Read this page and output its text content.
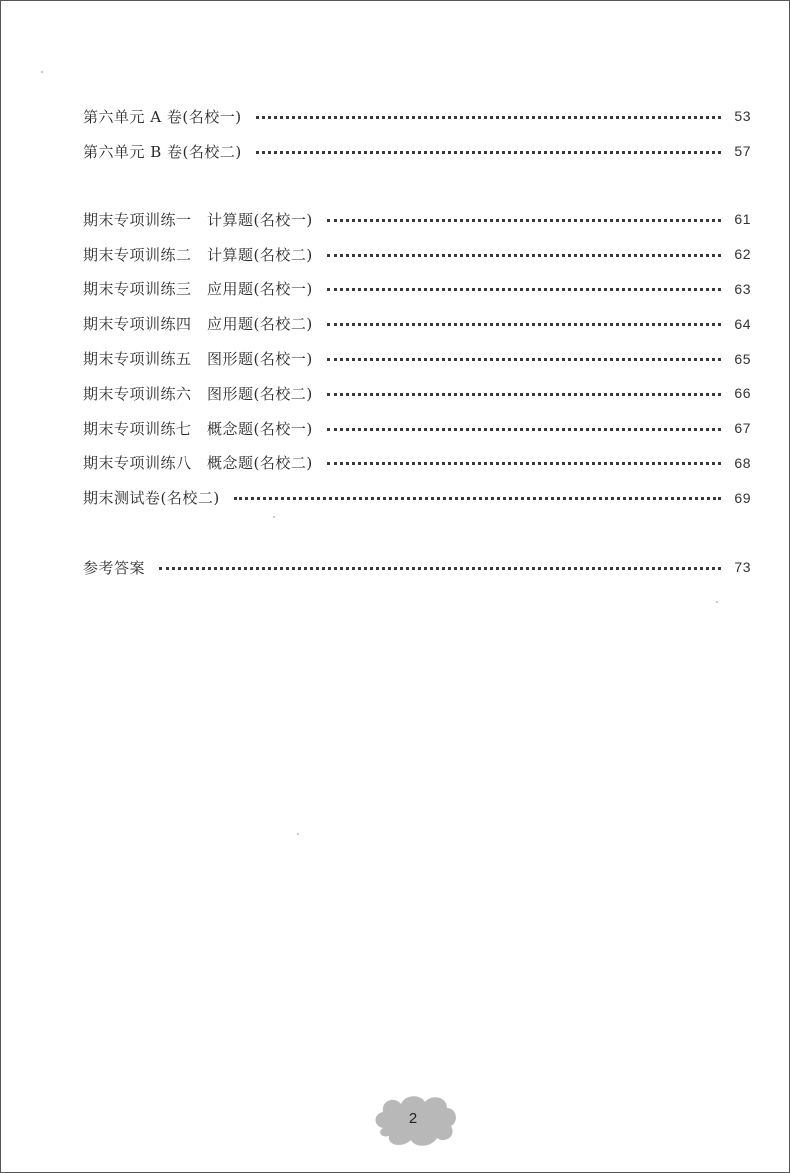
第六单元 A 卷(名校一)	53
第六单元 B 卷(名校二)	57
期末专项训练一　计算题(名校一)	61
期末专项训练二　计算题(名校二)	62
期末专项训练三　应用题(名校一)	63
期末专项训练四　应用题(名校二)	64
期末专项训练五　图形题(名校一)	65
期末专项训练六　图形题(名校二)	66
期末专项训练七　概念题(名校一)	67
期末专项训练八　概念题(名校二)	68
期末测试卷(名校二)	69
参考答案	73
2
